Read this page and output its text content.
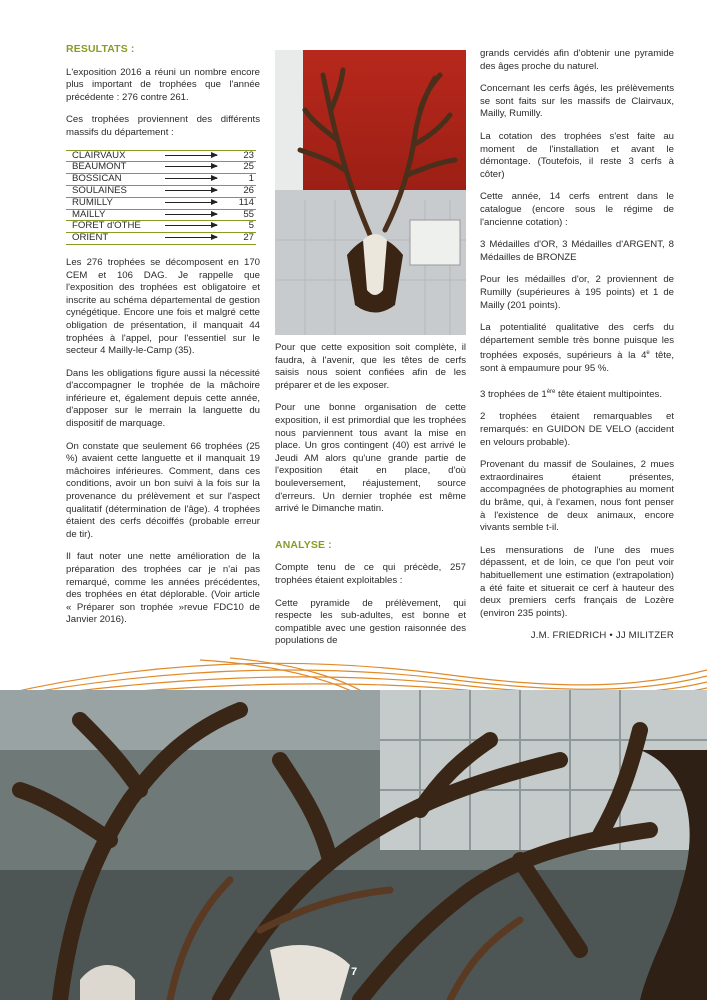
RESULTATS :

L'exposition 2016 a réuni un nombre encore plus important de trophées que l'année précédente : 276 contre 261.

Ces trophées proviennent des différents massifs du département :

CLAIRVAUX		23
BEAUMONT		25
BOSSICAN		1
SOULAINES		26
RUMILLY		114
MAILLY		55
FORET d'OTHE		5
ORIENT		27

Les 276 trophées se décomposent en 170 CEM et 106 DAG. Je rappelle que l'exposition des trophées est obligatoire et inscrite au schéma départemental de gestion cynégétique. Encore une fois et malgré cette obligation de présentation, il manquait 44 trophées à l'appel, pour l'essentiel sur le secteur 4 Mailly-le-Camp (35).

Dans les obligations figure aussi la nécessité d'accompagner le trophée de la mâchoire inférieure et, également depuis cette année, d'apposer sur le merrain la languette du dispositif de marquage.

On constate que seulement 66 trophées (25 %) avaient cette languette et il manquait 19 mâchoires inférieures. Comment, dans ces conditions, avoir un bon suivi à la fois sur la provenance du prélèvement et sur l'aspect qualitatif (détermination de l'âge). 4 trophées étaient des cerfs décoiffés (probable erreur de tir).

Il faut noter une nette amélioration de la préparation des trophées car je n'ai pas remarqué, comme les années précédentes, des trophées en état déplorable. (Voir article « Préparer son trophée »revue FDC10 de Janvier 2016).

Pour que cette exposition soit complète, il faudra, à l'avenir, que les têtes de cerfs saisis nous soient confiées afin de les préparer et de les exposer.

Pour une bonne organisation de cette exposition, il est primordial que les trophées nous parviennent tous avant la mise en place. Un gros contingent (40) est arrivé le Jeudi AM alors qu'une grande partie de l'exposition était en place, d'où bouleversement, réajustement, source d'erreurs. Un dernier trophée est même arrivé le Dimanche matin.

ANALYSE :

Compte tenu de ce qui précède, 257 trophées étaient exploitables :

Cette pyramide de prélèvement, qui respecte les sub-adultes, est bonne et compatible avec une gestion raisonnée des populations de

grands cervidés afin d'obtenir une pyramide des âges proche du naturel.

Concernant les cerfs âgés, les prélèvements se sont faits sur les massifs de Clairvaux, Mailly, Rumilly.

La cotation des trophées s'est faite au moment de l'installation et avant le démontage. (Toutefois, il reste 3 cerfs à côter)

Cette année, 14 cerfs entrent dans le catalogue (encore sous le régime de l'ancienne cotation) :

3 Médailles d'OR, 3 Médailles d'ARGENT, 8 Médailles de BRONZE

Pour les médailles d'or, 2 proviennent de Rumilly (supérieures à 195 points) et 1 de Mailly (201 points).

La potentialité qualitative des cerfs du département semble très bonne puisque les trophées exposés, supérieurs à la 4e tête, sont à empaumure pour 95 %.

3 trophées de 1ère tête étaient multipointes.

2 trophées étaient remarquables et remarqués: en GUIDON DE VELO (accident en velours probable).

Provenant du massif de Soulaines, 2 mues extraordinaires étaient présentes, accompagnées de photographies au moment du brâme, qui, à l'examen, nous font penser à l'existence de deux animaux, encore vivants semble t-il.

Les mensurations de l'une des mues dépassent, et de loin, ce que l'on peut voir habituellement une estimation (extrapolation) a été faite et situerait ce cerf à hauteur des deux premiers cerfs français de Lozère (environ 235 points).

J.M. FRIEDRICH • JJ MILITZER
7
